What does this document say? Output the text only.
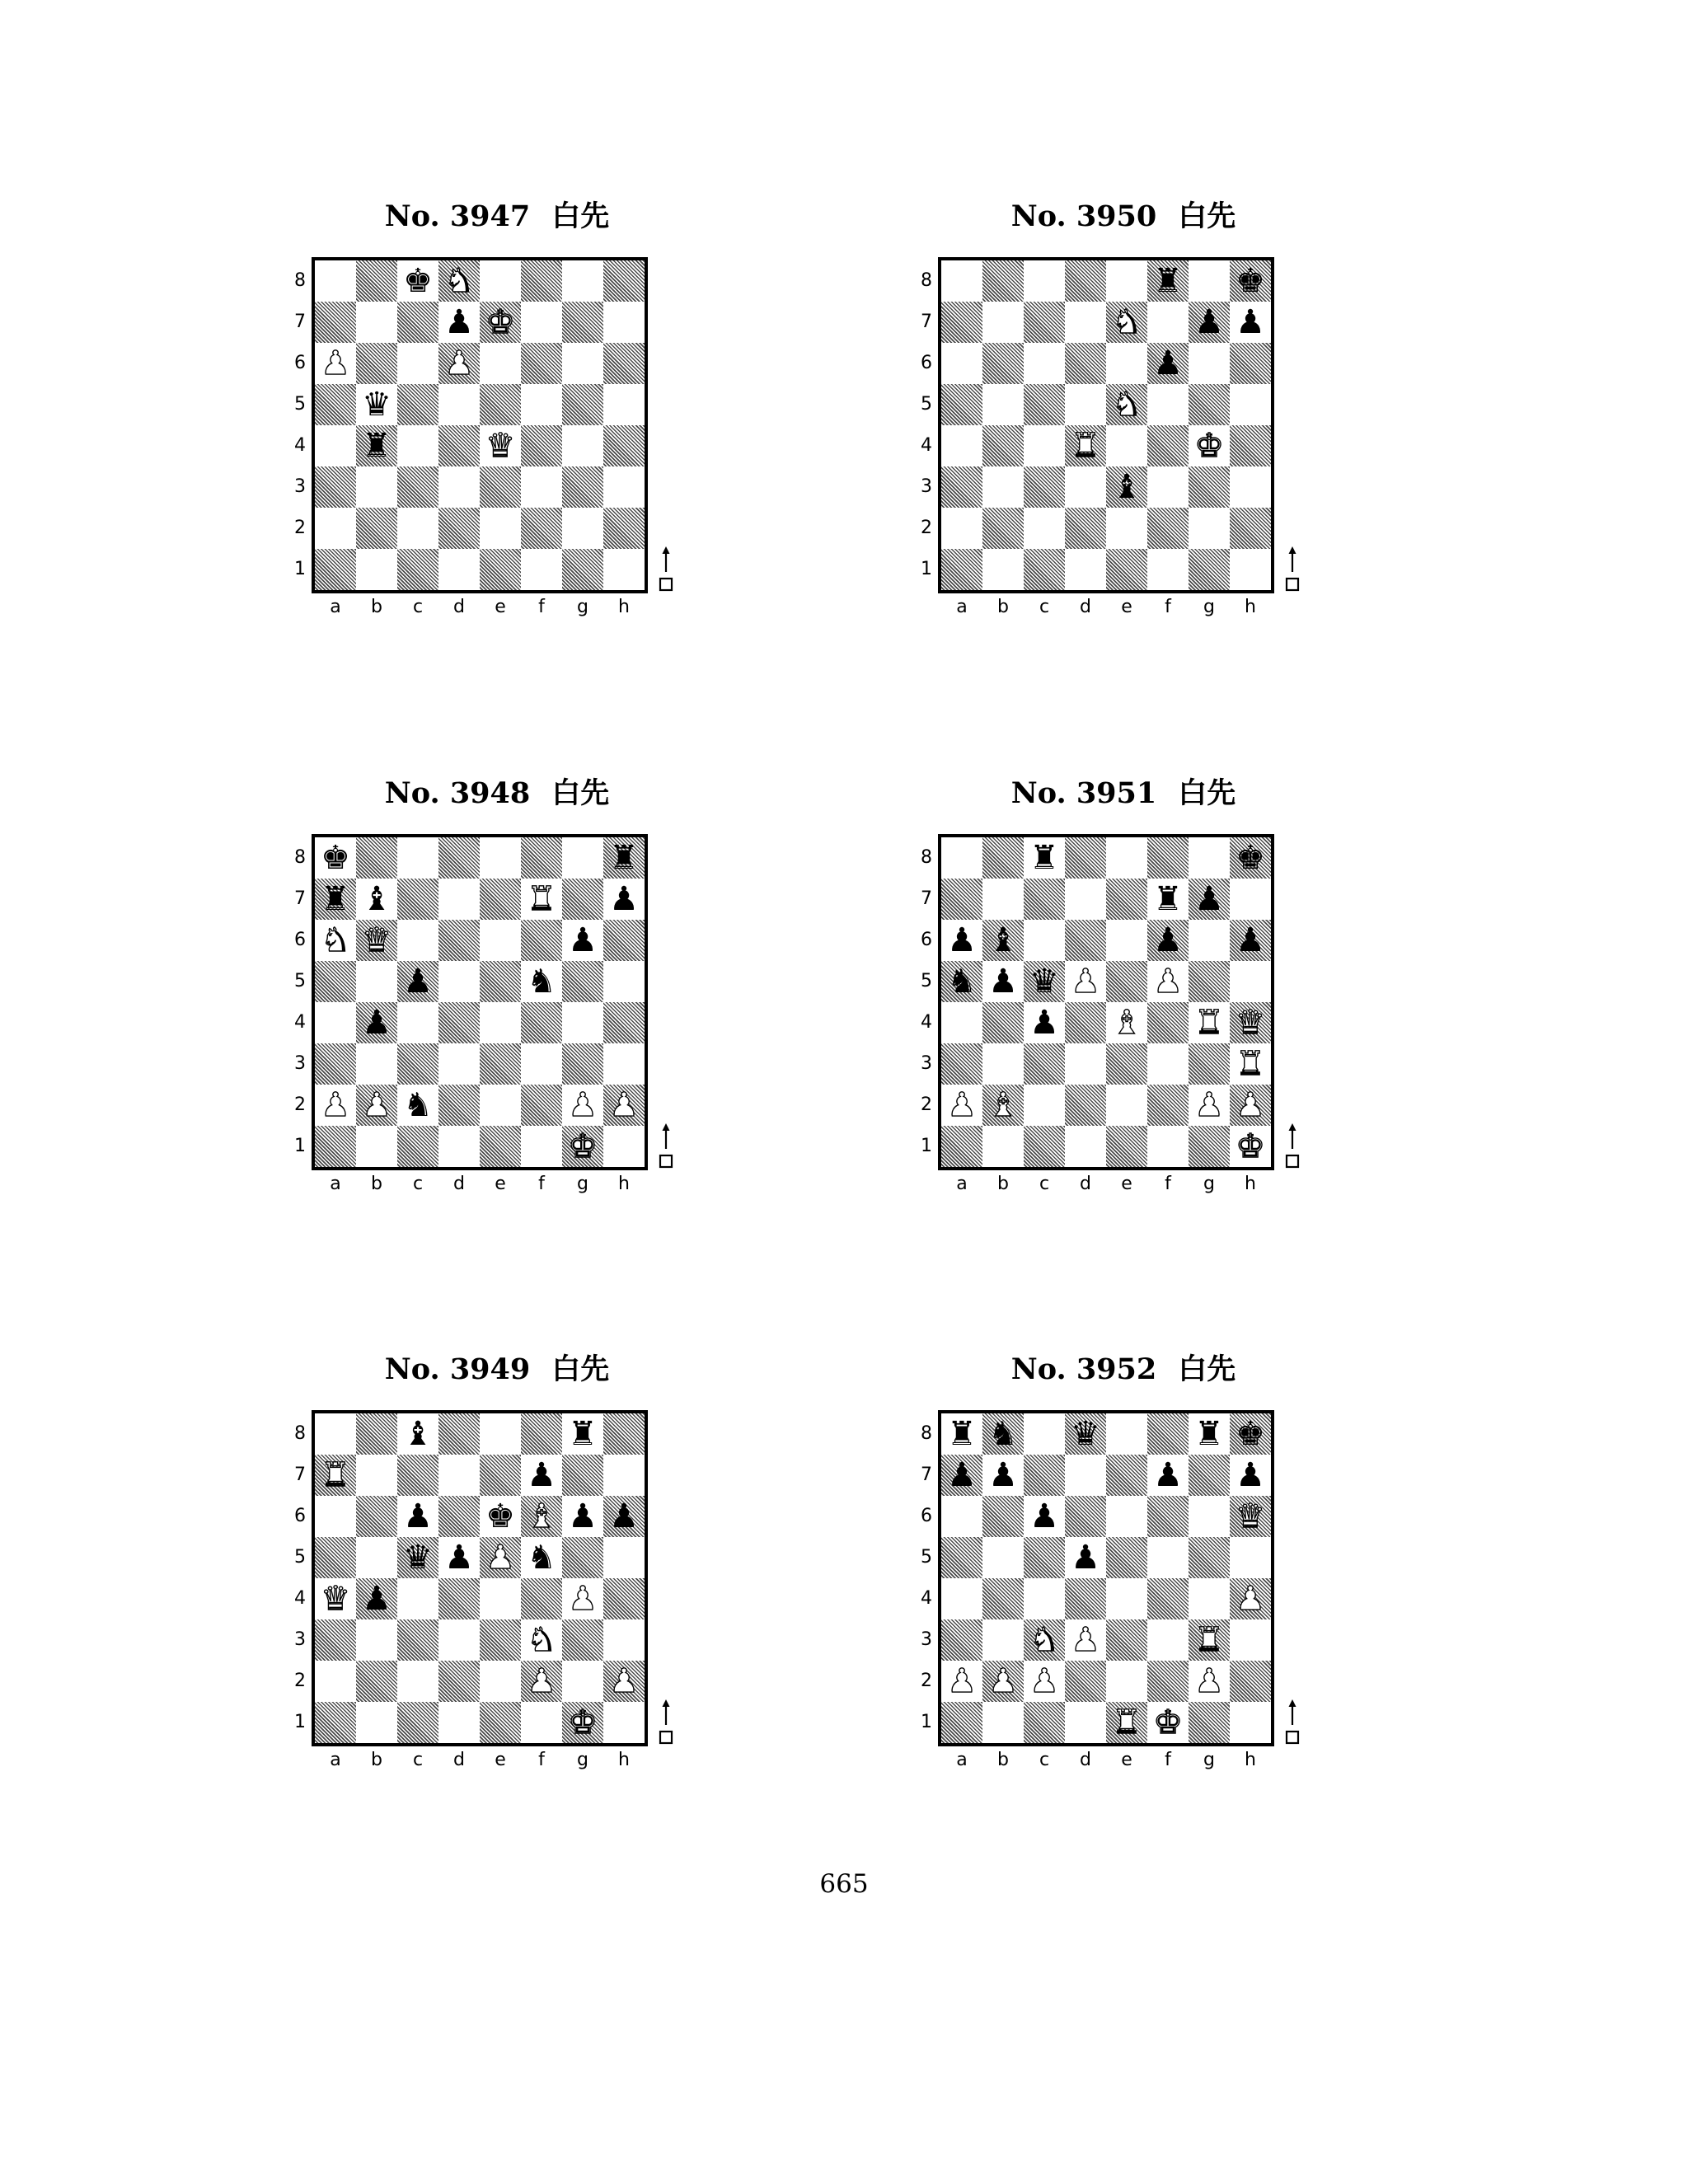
No. 3947 白先
♚ ♞
♟ ♚
♟	♟
♛
♜	♛
8
7
6
5
4
3
2
1
a	b	c	d	e	f	g	h
No. 3950 白先
♜ ♚
♞ ♟ ♟
♟
♞
♜	♚
♝
8
7
6
5
4
3
2
1
a	b	c	d	e	f	g	h
No. 3948 白先
♚	♜
♜ ♝	♜ ♟
♞ ♛	♟
♟	♞
♟
♟ ♟ ♞	♟ ♟
♚
8
7
6
5
4
3
2
1
a	b	c	d	e	f	g	h
No. 3951 白先
♜	♚
♜ ♟
♟ ♝	♟ ♟
♞ ♟ ♛ ♟ ♟
♟ ♝ ♜ ♛
♜
♟ ♝	♟ ♟
♚
8
7
6
5
4
3
2
1
a	b	c	d	e	f	g	h
No. 3949 白先
♝	♜
♜	♟
♟ ♚ ♝ ♟ ♟
♛ ♟ ♟ ♞
♛ ♟	♟
♞
♟ ♟
♚
8
7
6
5
4
3
2
1
a	b	c	d	e	f	g	h
No. 3952 白先
♜ ♞ ♛	♜ ♚
♟ ♟	♟ ♟
♟	♛
♟
♟
♞ ♟	♜
♟ ♟ ♟	♟
♜ ♚
8
7
6
5
4
3
2
1
a	b	c	d	e	f	g	h
665
